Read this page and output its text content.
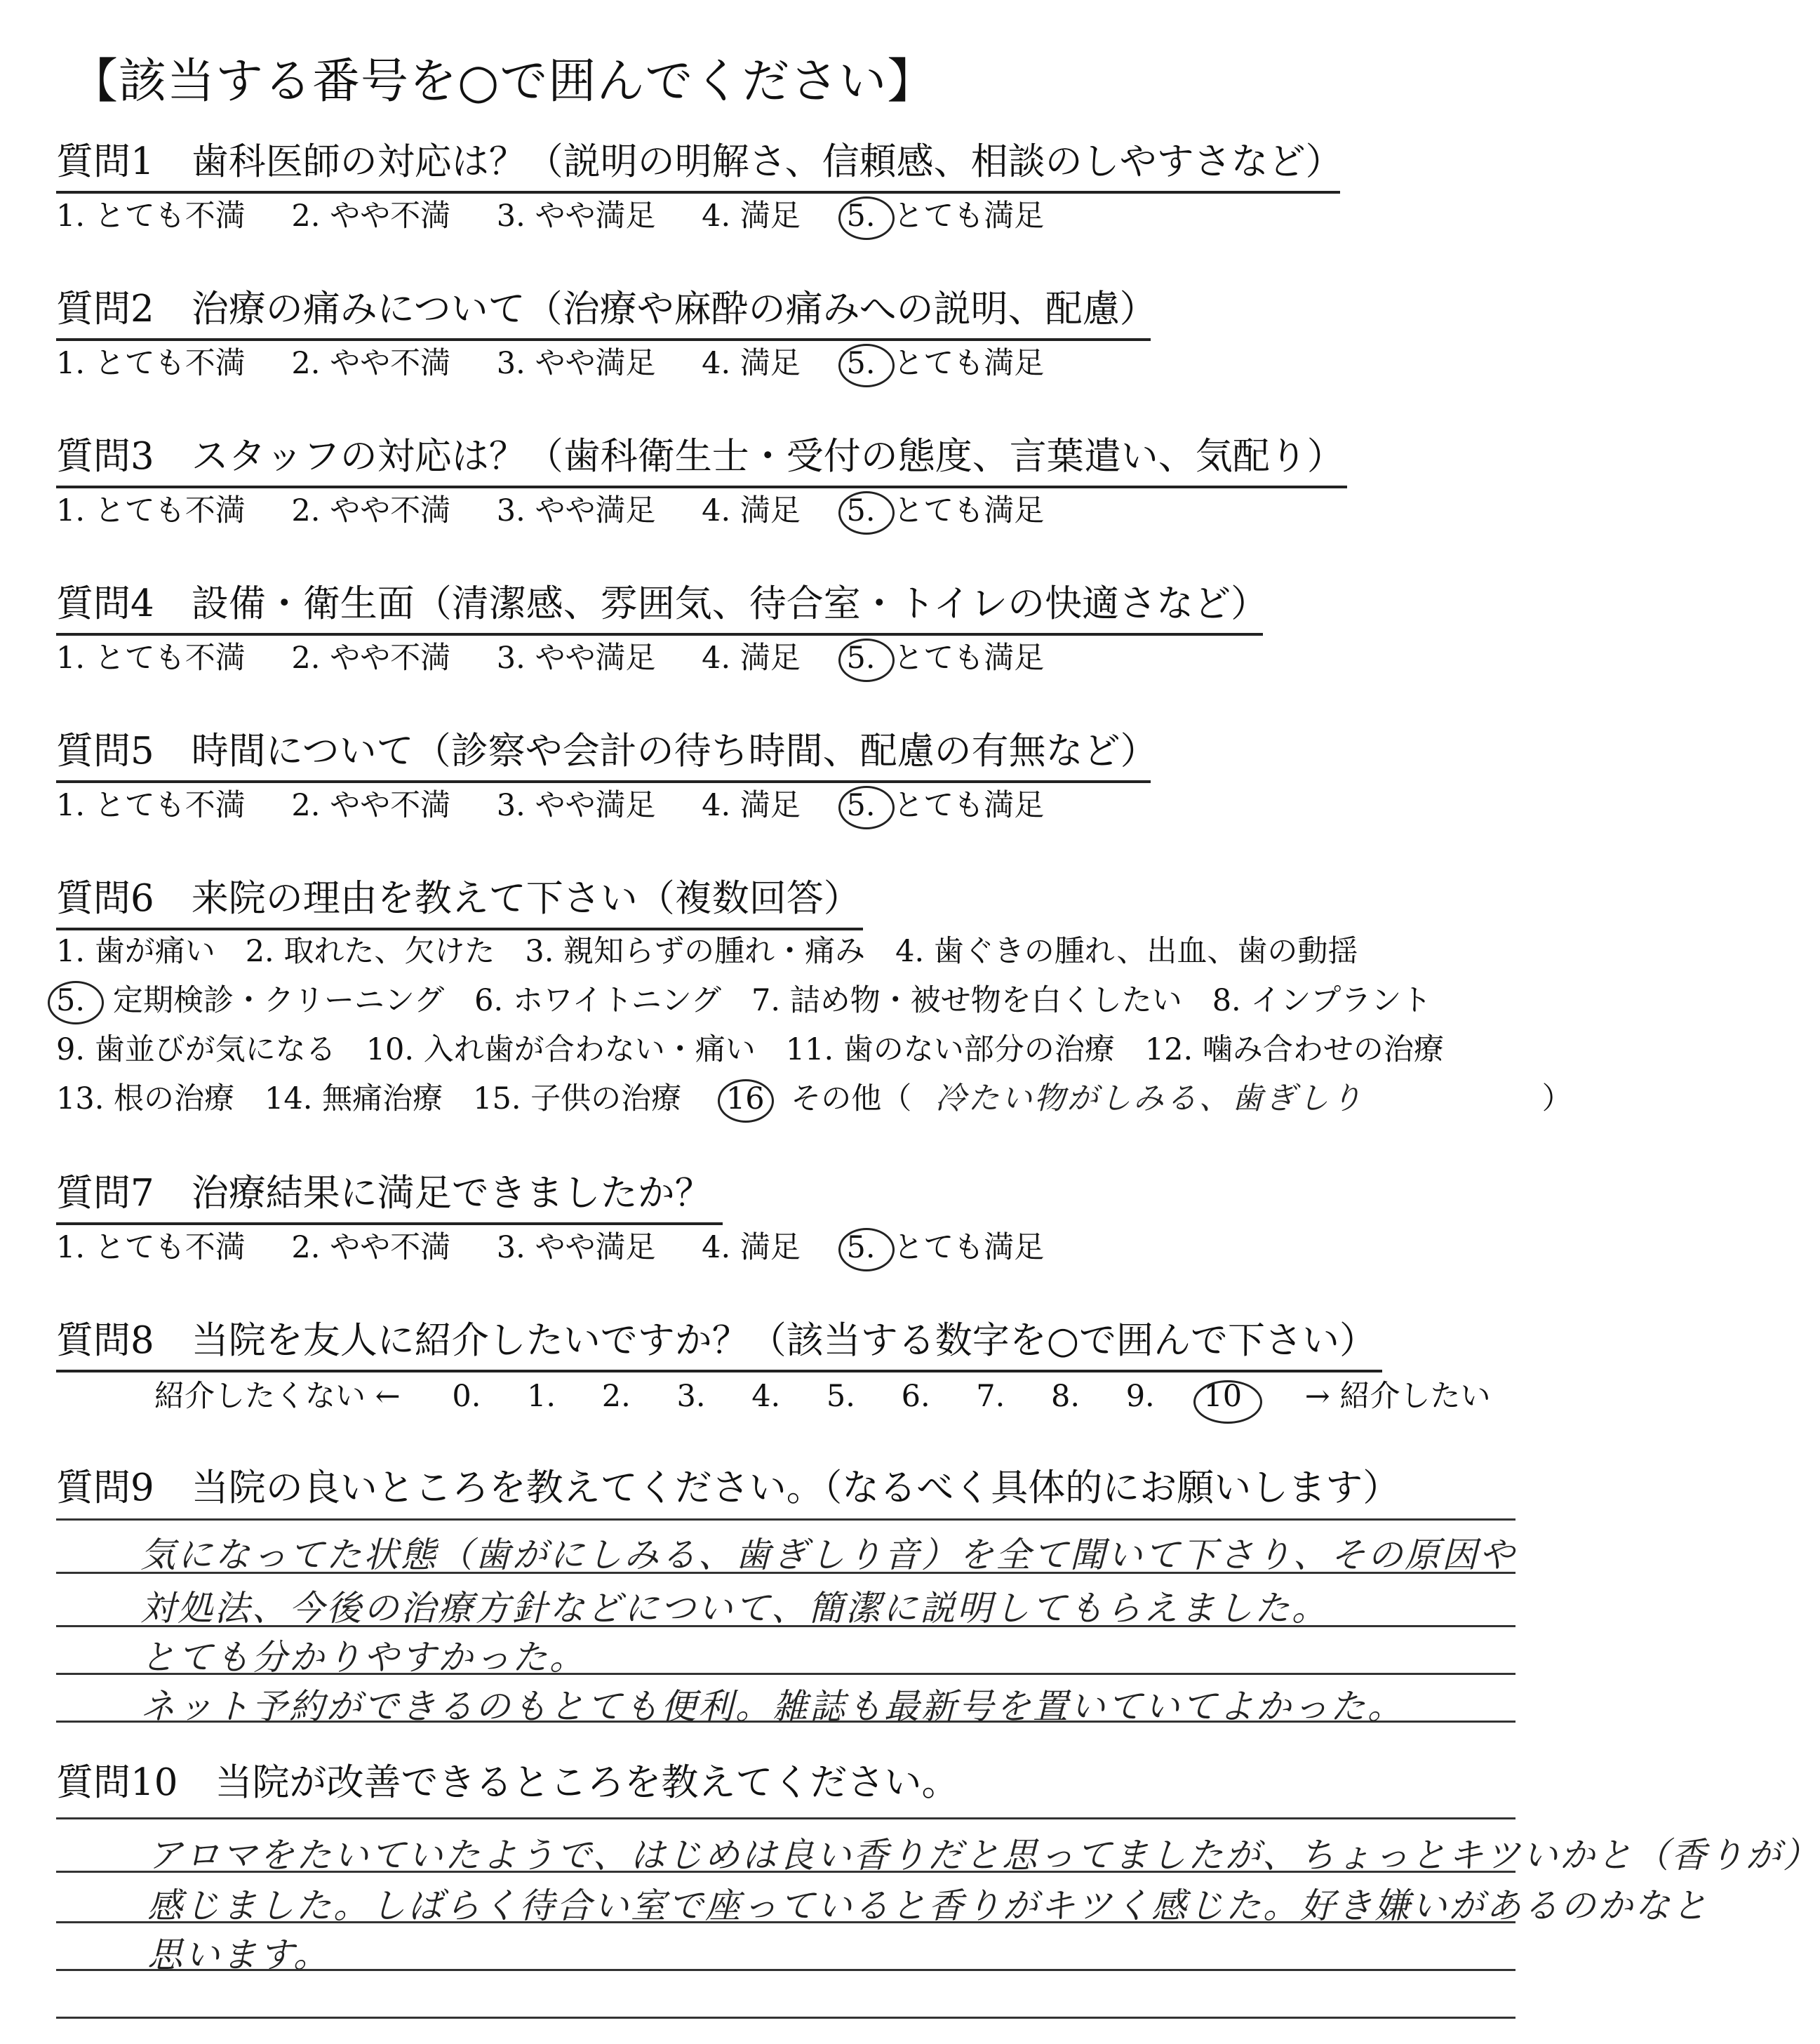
【該当する番号を○で囲んでください】
質問1　歯科医師の対応は？（説明の明解さ、信頼感、相談のしやすさなど）
1. とても不満 2. やや不満 3. やや満足 4. 満足 5. とても満足
質問2　治療の痛みについて（治療や麻酔の痛みへの説明、配慮）
1. とても不満 2. やや不満 3. やや満足 4. 満足 5. とても満足
質問3　スタッフの対応は？（歯科衛生士・受付の態度、言葉遣い、気配り）
1. とても不満 2. やや不満 3. やや満足 4. 満足 5. とても満足
質問4　設備・衛生面（清潔感、雰囲気、待合室・トイレの快適さなど）
1. とても不満 2. やや不満 3. やや満足 4. 満足 5. とても満足
質問5　時間について（診察や会計の待ち時間、配慮の有無など）
1. とても不満 2. やや不満 3. やや満足 4. 満足 5. とても満足
質問6　来院の理由を教えて下さい（複数回答）
1. 歯が痛い　2. 取れた、欠けた　3. 親知らずの腫れ・痛み　4. 歯ぐきの腫れ、出血、歯の動揺
5. 定期検診・クリーニング　6. ホワイトニング　7. 詰め物・被せ物を白くしたい　8. インプラント
9. 歯並びが気になる　10. 入れ歯が合わない・痛い　11. 歯のない部分の治療　12. 噛み合わせの治療
13. 根の治療　14. 無痛治療　15. 子供の治療 16 その他（ 冷たい物がしみる、歯ぎしり	）
質問7　治療結果に満足できましたか？
1. とても不満 2. やや不満 3. やや満足 4. 満足 5. とても満足
質問8　当院を友人に紹介したいですか？（該当する数字を○で囲んで下さい）
紹介したくない ← 0. 1. 2. 3. 4. 5. 6. 7. 8. 9. 10 → 紹介したい
質問9　当院の良いところを教えてください。（なるべく具体的にお願いします）
気になってた状態（歯がにしみる、歯ぎしり音）を全て聞いて下さり、その原因や
対処法、今後の治療方針などについて、簡潔に説明してもらえました。
とても分かりやすかった。
ネット予約ができるのもとても便利。雑誌も最新号を置いていてよかった。
質問10　当院が改善できるところを教えてください。
アロマをたいていたようで、はじめは良い香りだと思ってましたが、ちょっとキツいかと（香りが）
感じました。しばらく待合い室で座っていると香りがキツく感じた。好き嫌いがあるのかなと
思います。
